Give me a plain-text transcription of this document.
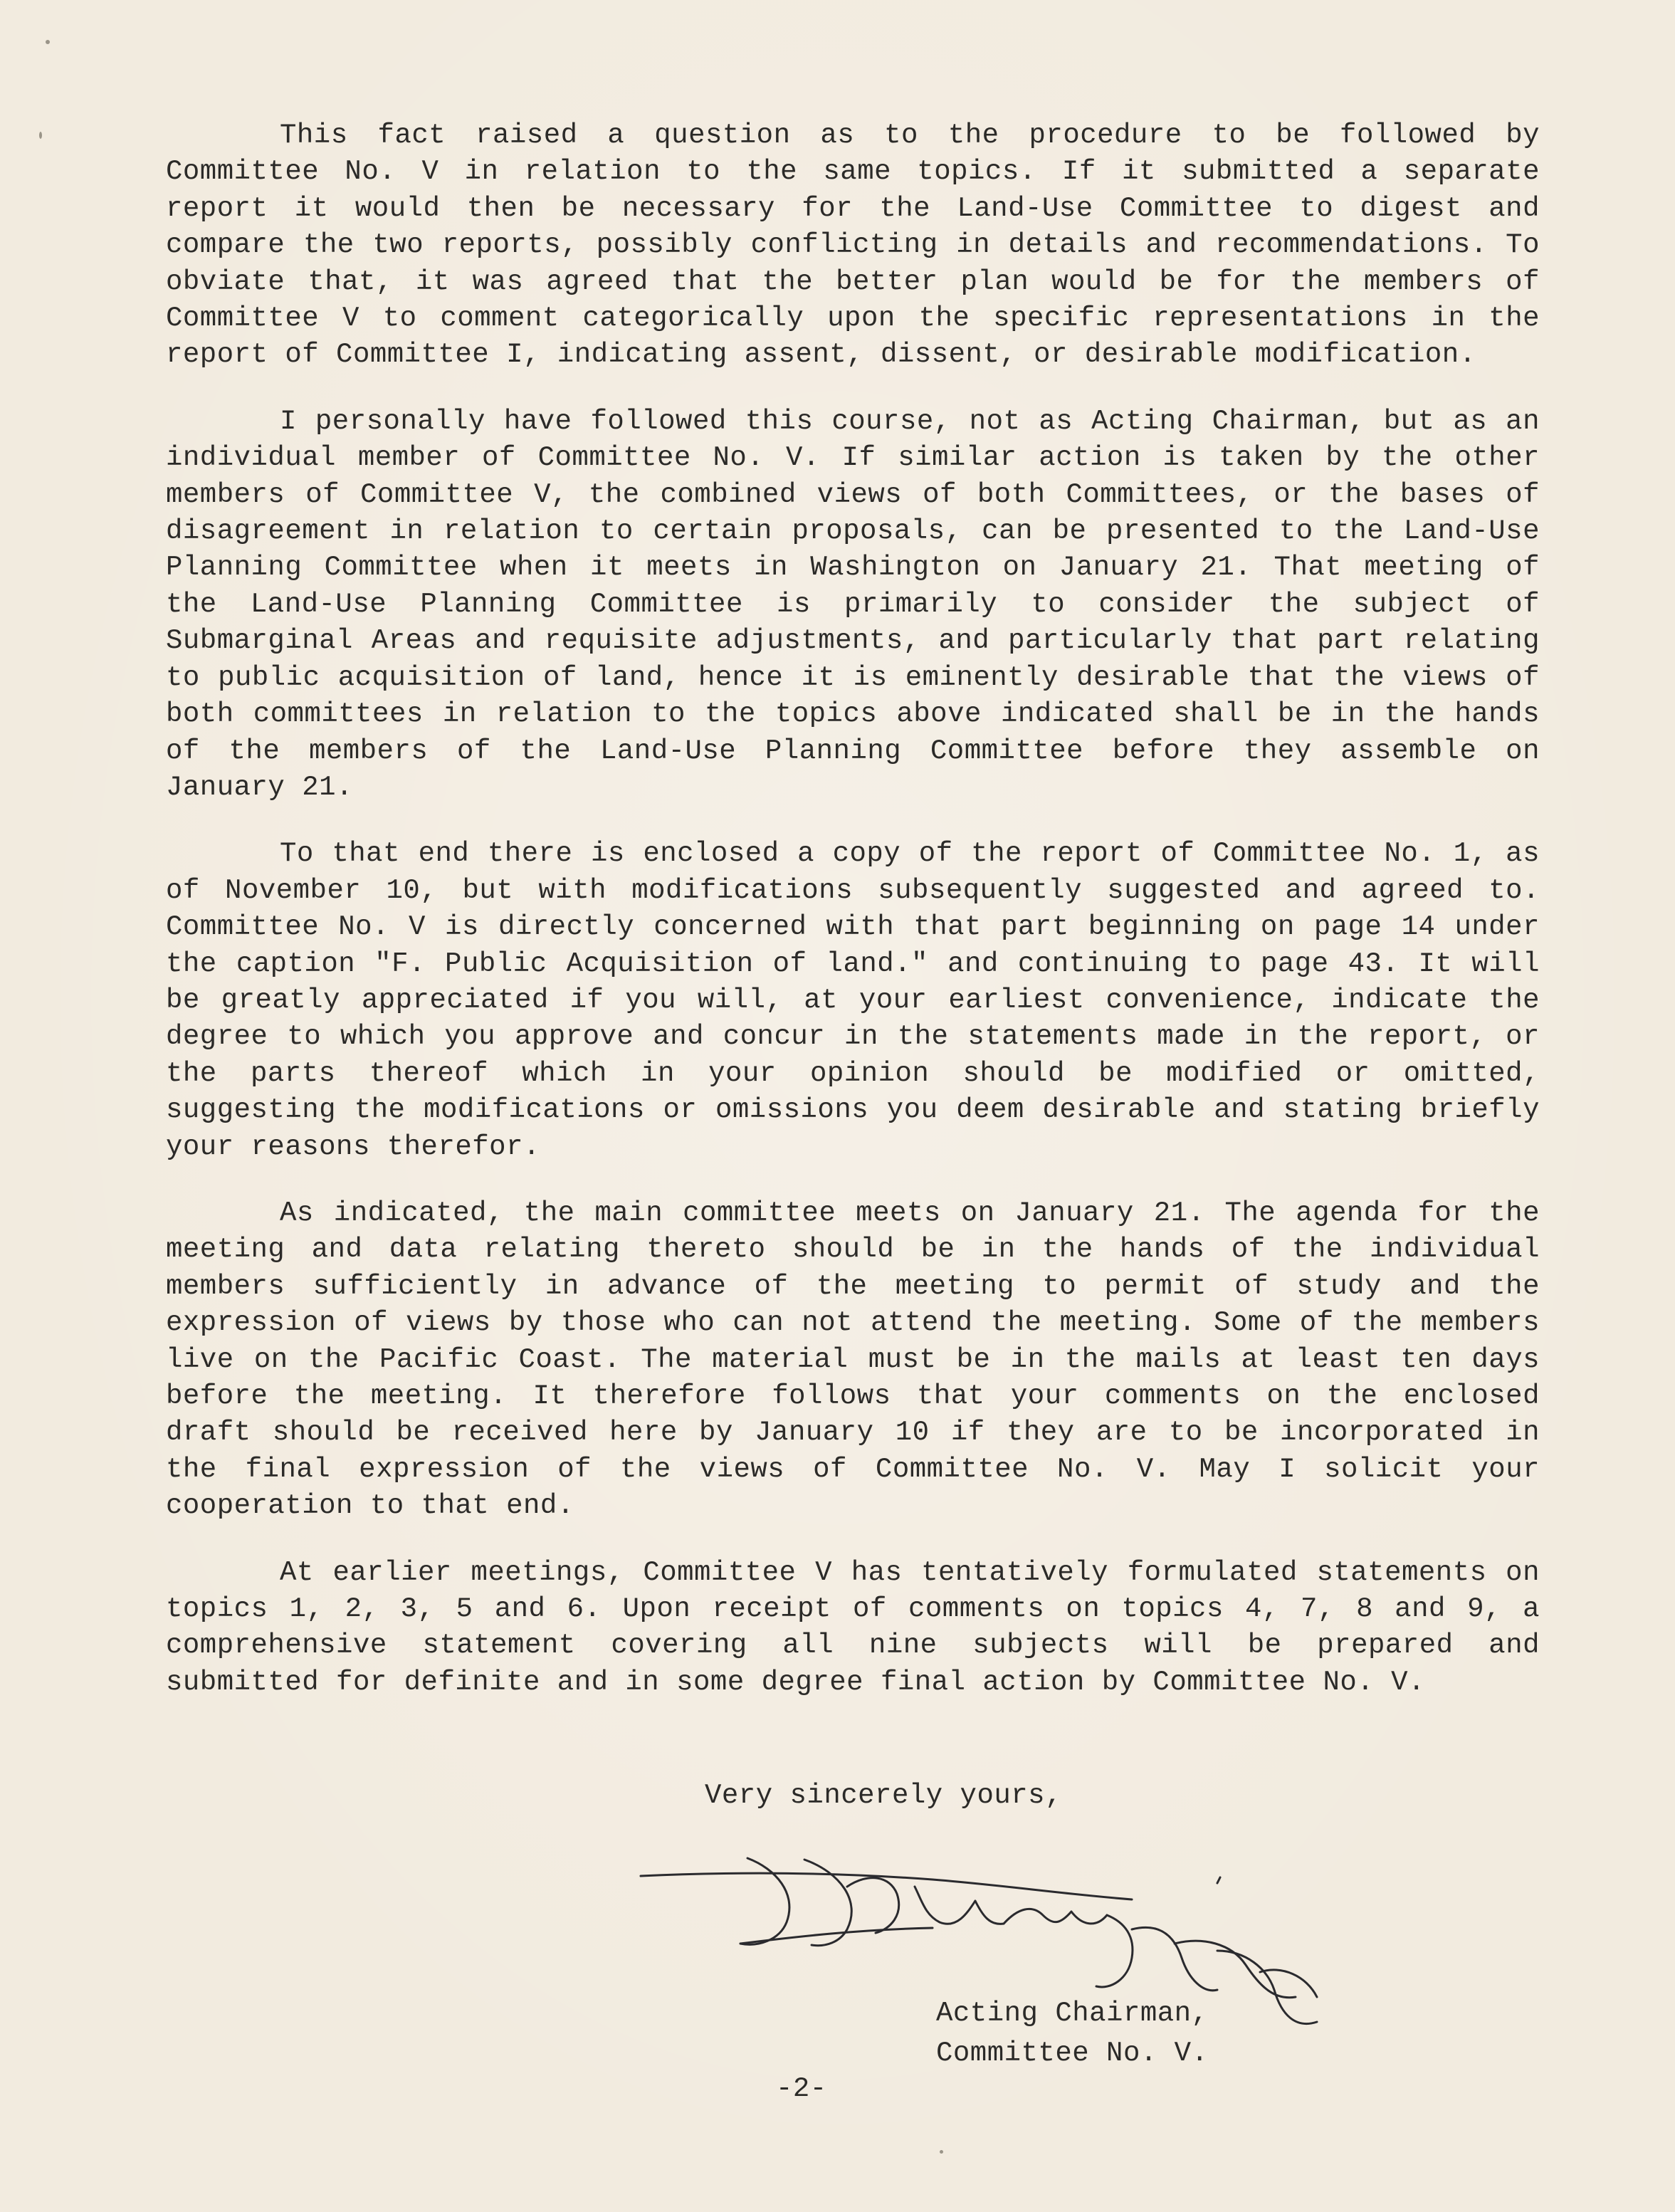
This fact raised a question as to the procedure to be followed by Committee No. V in relation to the same topics. If it submitted a separate report it would then be necessary for the Land-Use Committee to digest and compare the two reports, possibly conflicting in details and recommendations. To obviate that, it was agreed that the better plan would be for the members of Committee V to comment categorically upon the specific representations in the report of Committee I, indicating assent, dissent, or desirable modification.

I personally have followed this course, not as Acting Chairman, but as an individual member of Committee No. V. If similar action is taken by the other members of Committee V, the combined views of both Committees, or the bases of disagreement in relation to certain proposals, can be presented to the Land-Use Planning Committee when it meets in Washington on January 21. That meeting of the Land-Use Planning Committee is primarily to consider the subject of Submarginal Areas and requisite adjustments, and particularly that part relating to public acquisition of land, hence it is eminently desirable that the views of both committees in relation to the topics above indicated shall be in the hands of the members of the Land-Use Planning Committee before they assemble on January 21.

To that end there is enclosed a copy of the report of Committee No. 1, as of November 10, but with modifications subsequently suggested and agreed to. Committee No. V is directly concerned with that part beginning on page 14 under the caption "F. Public Acquisition of land." and continuing to page 43. It will be greatly appreciated if you will, at your earliest convenience, indicate the degree to which you approve and concur in the statements made in the report, or the parts thereof which in your opinion should be modified or omitted, suggesting the modifications or omissions you deem desirable and stating briefly your reasons therefor.

As indicated, the main committee meets on January 21. The agenda for the meeting and data relating thereto should be in the hands of the individual members sufficiently in advance of the meeting to permit of study and the expression of views by those who can not attend the meeting. Some of the members live on the Pacific Coast. The material must be in the mails at least ten days before the meeting. It therefore follows that your comments on the enclosed draft should be received here by January 10 if they are to be incorporated in the final expression of the views of Committee No. V. May I solicit your cooperation to that end.

At earlier meetings, Committee V has tentatively formulated statements on topics 1, 2, 3, 5 and 6. Upon receipt of comments on topics 4, 7, 8 and 9, a comprehensive statement covering all nine subjects will be prepared and submitted for definite and in some degree final action by Committee No. V.

Very sincerely yours,
Acting Chairman,
Committee No. V.
-2-
